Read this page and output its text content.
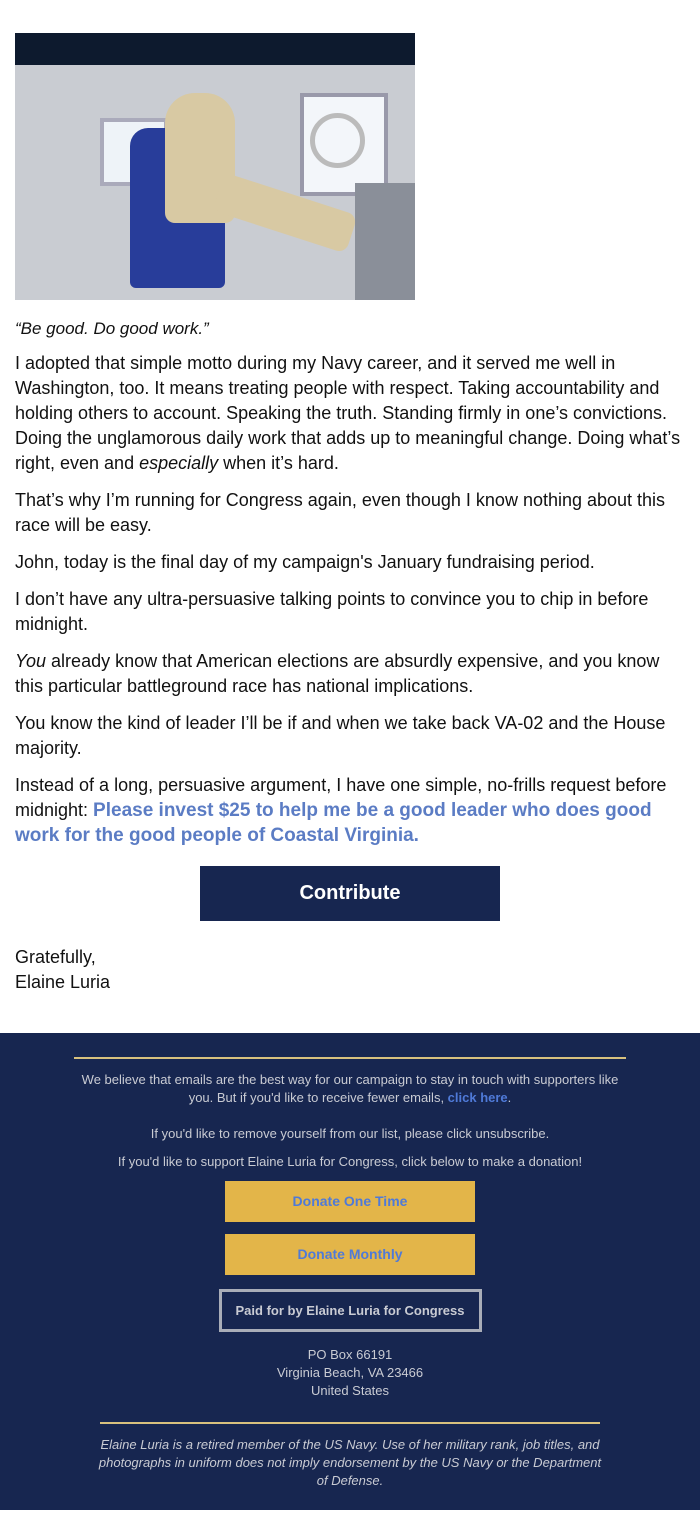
“Be good. Do good work.”

I adopted that simple motto during my Navy career, and it served me well in Washington, too. It means treating people with respect. Taking accountability and holding others to account. Speaking the truth. Standing firmly in one’s convictions. Doing the unglamorous daily work that adds up to meaningful change. Doing what’s right, even and especially when it’s hard.

That’s why I’m running for Congress again, even though I know nothing about this race will be easy.

John, today is the final day of my campaign's January fundraising period.

I don’t have any ultra-persuasive talking points to convince you to chip in before midnight.

You already know that American elections are absurdly expensive, and you know this particular battleground race has national implications.

You know the kind of leader I’ll be if and when we take back VA-02 and the House majority.

Instead of a long, persuasive argument, I have one simple, no-frills request before midnight: Please invest $25 to help me be a good leader who does good work for the good people of Coastal Virginia.

Contribute
Gratefully,
Elaine Luria

We believe that emails are the best way for our campaign to stay in touch with supporters like you. But if you'd like to receive fewer emails, click here.

If you'd like to remove yourself from our list, please click unsubscribe.

If you'd like to support Elaine Luria for Congress, click below to make a donation!

Donate One Time
Donate Monthly
Paid for by Elaine Luria for Congress
PO Box 66191
Virginia Beach, VA 23466
United States

Elaine Luria is a retired member of the US Navy. Use of her military rank, job titles, and photographs in uniform does not imply endorsement by the US Navy or the Department of Defense.
